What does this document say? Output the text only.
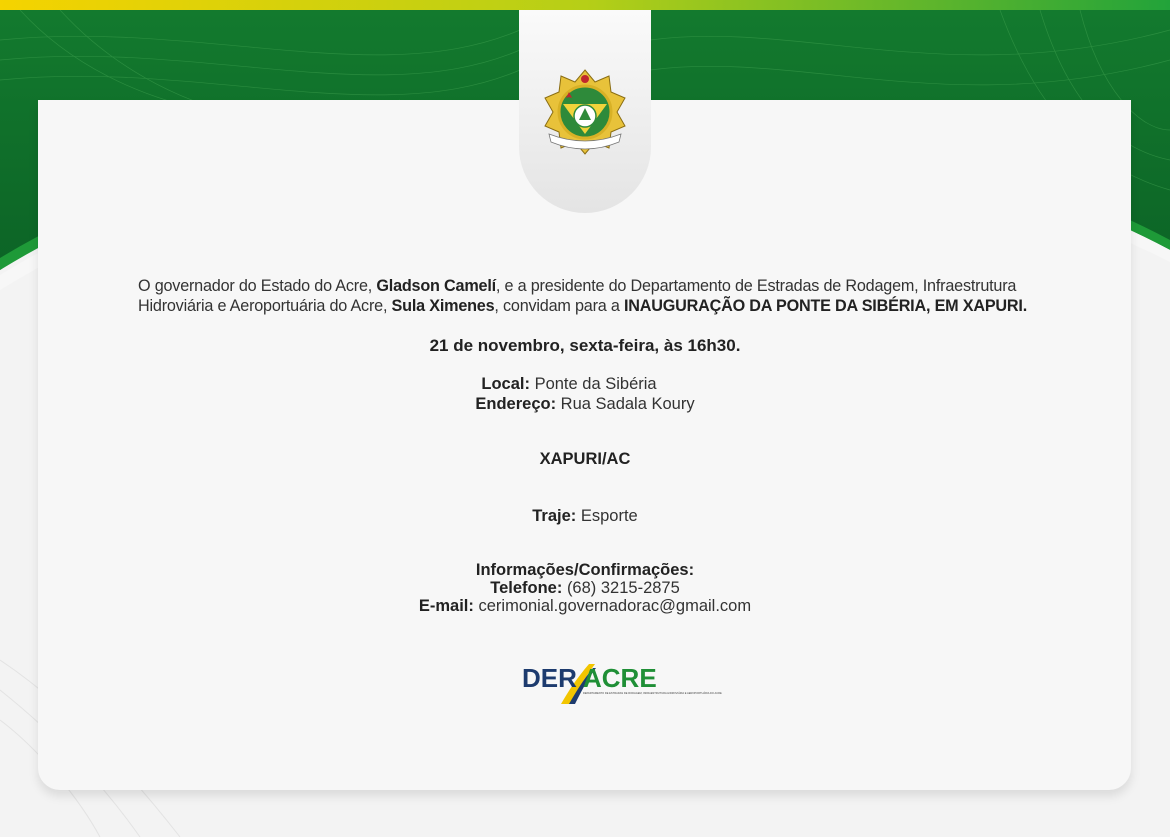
O governador do Estado do Acre, Gladson Camelí, e a presidente do Departamento de Estradas de Rodagem, Infraestrutura Hidroviária e Aeroportuária do Acre, Sula Ximenes, convidam para a INAUGURAÇÃO DA PONTE DA SIBÉRIA, EM XAPURI.
21 de novembro, sexta-feira, às 16h30.
Local: Ponte da Sibéria
Endereço: Rua Sadala Koury
XAPURI/AC
Traje: Esporte
Informações/Confirmações:
Telefone: (68) 3215-2875
E-mail: cerimonial.governadorac@gmail.com
DER ACRE
DEPARTAMENTO DE ESTRADAS DE RODAGEM, INFRAESTRUTURA HIDROVIÁRIA E AEROPORTUÁRIA DO ACRE
